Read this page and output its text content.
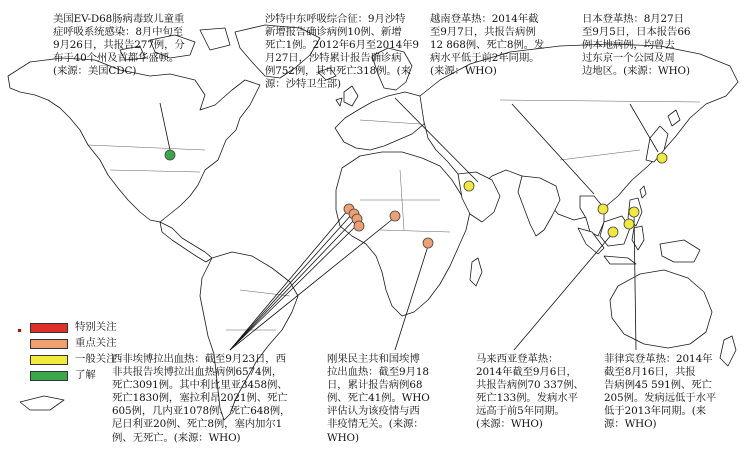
美国EV-D68肠病毒致儿童重
症呼吸系统感染：8月中旬至
9月26日，共报告277例，分
布于40个州及首都华盛顿。
(来源：美国CDC)
沙特中东呼吸综合征：9月沙特
新增报告确诊病例10例、新增
死亡1例。2012年6月至2014年9
月27日，沙特累计报告确诊病
例752例，其中死亡318例。(来
源：沙特卫生部)
越南登革热：2014年截
至9月7日，共报告病例
12 868例、死亡8例。发
病水平低于前2年同期。
(来源：WHO)
日本登革热：8月27日
至9月5日，日本报告66
例本地病例，均曾去
过东京一个公园及周
边地区。(来源：WHO)
西非埃博拉出血热：截至9月23日，西
非共报告埃博拉出血热病例6574例，
死亡3091例。其中利比里亚3458例、
死亡1830例，塞拉利昂2021例、死亡
605例，几内亚1078例、死亡648例，
尼日利亚20例、死亡8例，塞内加尔1
例、无死亡。(来源：WHO)
刚果民主共和国埃博
拉出血热：截至9月18
日，累计报告病例68
例、死亡41例。WHO
评估认为该疫情与西
非疫情无关。(来源：
WHO)
马来西亚登革热：
2014年截至9月6日，
共报告病例70 337例、
死亡133例。发病水平
远高于前5年同期。
(来源：WHO)
菲律宾登革热：2014年
截至8月16日，共报
告病例45 591例、死亡
205例。发病远低于水平
低于2013年同期。(来
源：WHO)
特别关注
重点关注
一般关注
了解
